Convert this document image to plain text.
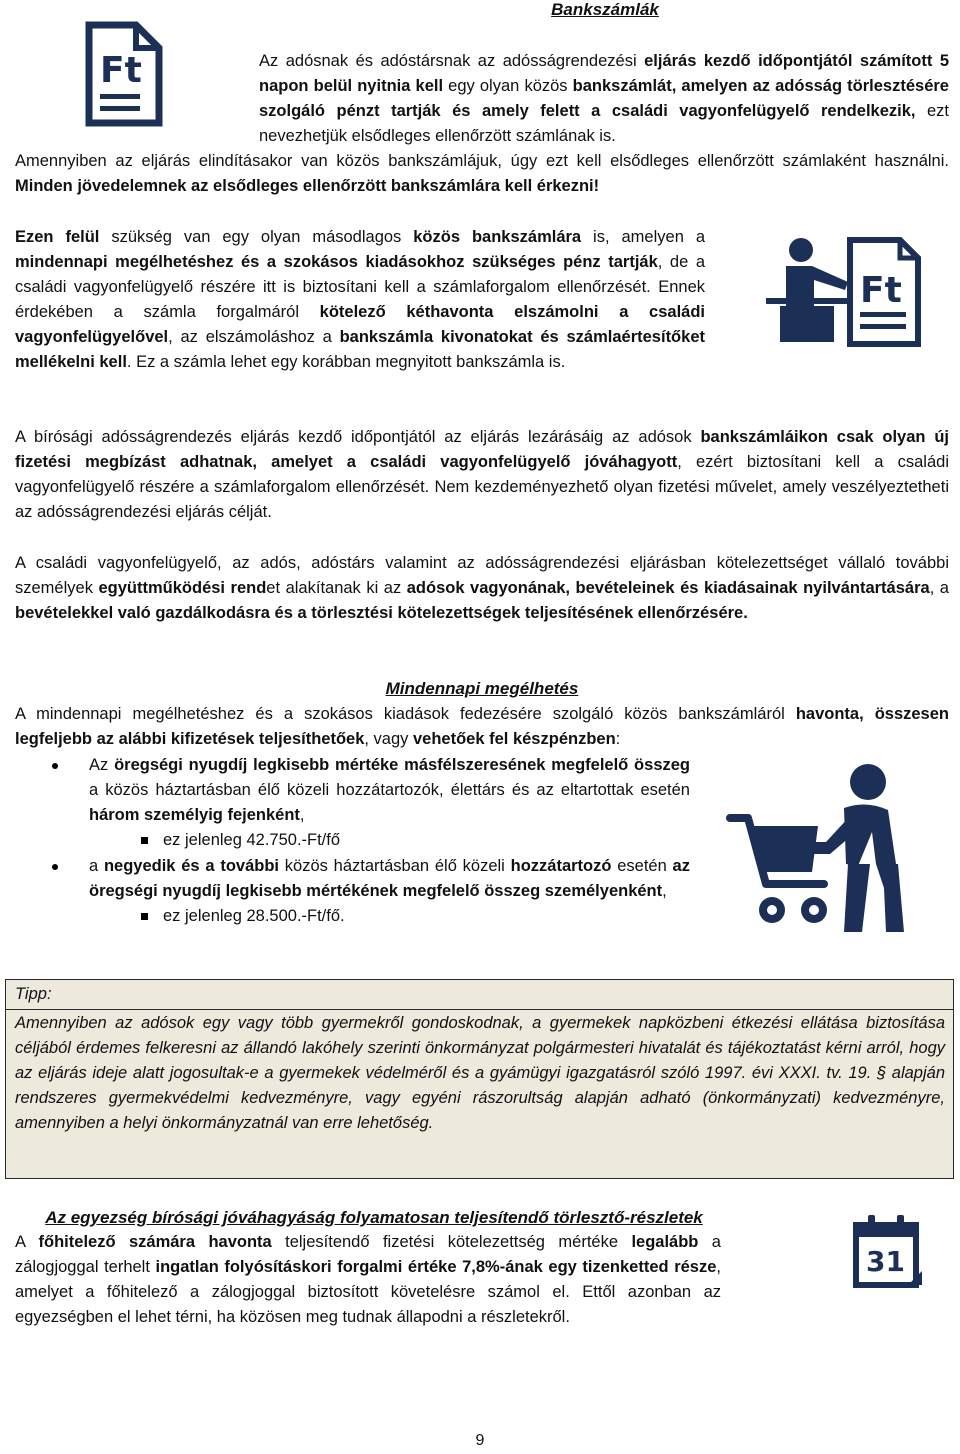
Bankszámlák
Ft	Az adósnak és adóstársnak az adósságrendezési eljárás kezdő időpontjától számított 5 napon belül nyitnia kell egy olyan közös bankszámlát, amelyen az adósság törlesztésére szolgáló pénzt tartják és amely felett a családi vagyonfelügyelő rendelkezik, ezt nevezhetjük elsődleges ellenőrzött számlának is.

Amennyiben az eljárás elindításakor van közös bankszámlájuk, úgy ezt kell elsődleges ellenőrzött számlaként használni. Minden jövedelemnek az elsődleges ellenőrzött bankszámlára kell érkezni!

Ezen felül szükség van egy olyan másodlagos közös bankszámlára is, amelyen a mindennapi megélhetéshez és a szokásos kiadásokhoz szükséges pénz tartják, de a családi vagyonfelügyelő részére itt is biztosítani kell a számlaforgalom ellenőrzését. Ennek érdekében a számla forgalmáról kötelező kéthavonta elszámolni a családi vagyonfelügyelővel, az elszámoláshoz a bankszámla kivonatokat és számlaértesítőket mellékelni kell. Ez a számla lehet egy korábban megnyitott bankszámla is.

Ft

A bírósági adósságrendezés eljárás kezdő időpontjától az eljárás lezárásáig az adósok bankszámláikon csak olyan új fizetési megbízást adhatnak, amelyet a családi vagyonfelügyelő jóváhagyott, ezért biztosítani kell a családi vagyonfelügyelő részére a számlaforgalom ellenőrzését. Nem kezdeményezhető olyan fizetési művelet, amely veszélyeztetheti az adósságrendezési eljárás célját.

A családi vagyonfelügyelő, az adós, adóstárs valamint az adósságrendezési eljárásban kötelezettséget vállaló további személyek együttműködési rendet alakítanak ki az adósok vagyonának, bevételeinek és kiadásainak nyilvántartására, a bevételekkel való gazdálkodásra és a törlesztési kötelezettségek teljesítésének ellenőrzésére.

Mindennapi megélhetés

A mindennapi megélhetéshez és a szokásos kiadások fedezésére szolgáló közös bankszámláról havonta, összesen legfeljebb az alábbi kifizetések teljesíthetőek, vagy vehetőek fel készpénzben:

Az öregségi nyugdíj legkisebb mértéke másfélszeresének megfelelő összeg a közös háztartásban élő közeli hozzátartozók, élettárs és az eltartottak esetén három személyig fejenként,
ez jelenleg 42.750.-Ft/fő
a negyedik és a további közös háztartásban élő közeli hozzátartozó esetén az öregségi nyugdíj legkisebb mértékének megfelelő összeg személyenként,
ez jelenleg 28.500.-Ft/fő.
Tipp:
Amennyiben az adósok egy vagy több gyermekről gondoskodnak, a gyermekek napközbeni étkezési ellátása biztosítása céljából érdemes felkeresni az állandó lakóhely szerinti önkormányzat polgármesteri hivatalát és tájékoztatást kérni arról, hogy az eljárás ideje alatt jogosultak-e a gyermekek védelméről és a gyámügyi igazgatásról szóló 1997. évi XXXI. tv. 19. § alapján rendszeres gyermekvédelmi kedvezményre, vagy egyéni rászorultság alapján adható (önkormányzati) kedvezményre, amennyiben a helyi önkormányzatnál van erre lehetőség.
Az egyezség bírósági jóváhagyáság folyamatosan teljesítendő törlesztő-részletek

A főhitelező számára havonta teljesítendő fizetési kötelezettség mértéke legalább a zálogjoggal terhelt ingatlan folyósításkori forgalmi értéke 7,8%-ának egy tizenketted része, amelyet a főhitelező a zálogjoggal biztosított követelésre számol el. Ettől azonban az egyezségben el lehet térni, ha közösen meg tudnak állapodni a részletekről.

31
9
